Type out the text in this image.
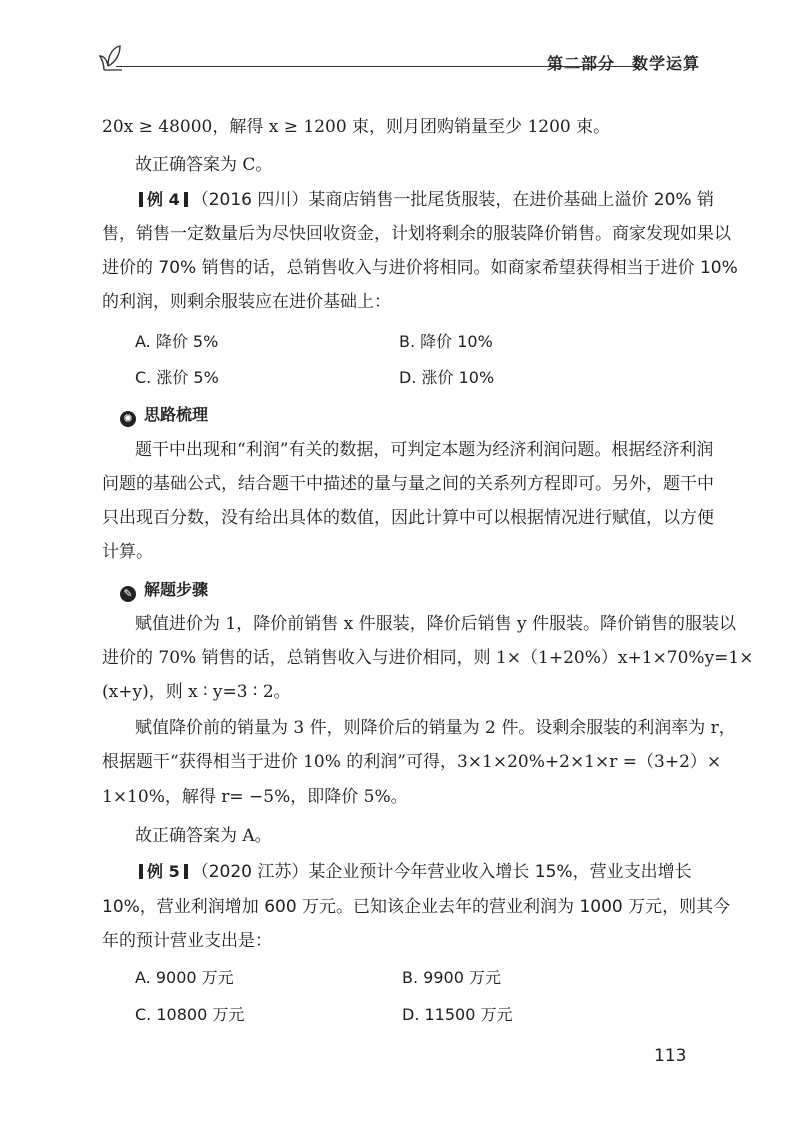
第二部分　数学运算
20x ≥ 48000，解得 x ≥ 1200 束，则月团购销量至少 1200 束。
故正确答案为 C。
例 4 （2016 四川）某商店销售一批尾货服装，在进价基础上溢价 20% 销
售，销售一定数量后为尽快回收资金，计划将剩余的服装降价销售。商家发现如果以
进价的 70% 销售的话，总销售收入与进价将相同。如商家希望获得相当于进价 10%
的利润，则剩余服装应在进价基础上：
A. 降价 5%	B. 降价 10%
C. 涨价 5%	D. 涨价 10%
✺ 思路梳理
题干中出现和“利润”有关的数据，可判定本题为经济利润问题。根据经济利润
问题的基础公式，结合题干中描述的量与量之间的关系列方程即可。另外，题干中
只出现百分数，没有给出具体的数值，因此计算中可以根据情况进行赋值，以方便
计算。
✎ 解题步骤
赋值进价为 1，降价前销售 x 件服装，降价后销售 y 件服装。降价销售的服装以
进价的 70% 销售的话，总销售收入与进价相同，则 1×（1+20%）x+1×70%y=1×
(x+y)，则 x ∶ y=3 ∶ 2。
赋值降价前的销量为 3 件，则降价后的销量为 2 件。设剩余服装的利润率为 r，
根据题干“获得相当于进价 10% 的利润”可得，3×1×20%+2×1×r =（3+2）×
1×10%，解得 r= −5%，即降价 5%。
故正确答案为 A。
例 5 （2020 江苏）某企业预计今年营业收入增长 15%，营业支出增长
10%，营业利润增加 600 万元。已知该企业去年的营业利润为 1000 万元，则其今
年的预计营业支出是：
A. 9000 万元	B. 9900 万元
C. 10800 万元	D. 11500 万元
113
